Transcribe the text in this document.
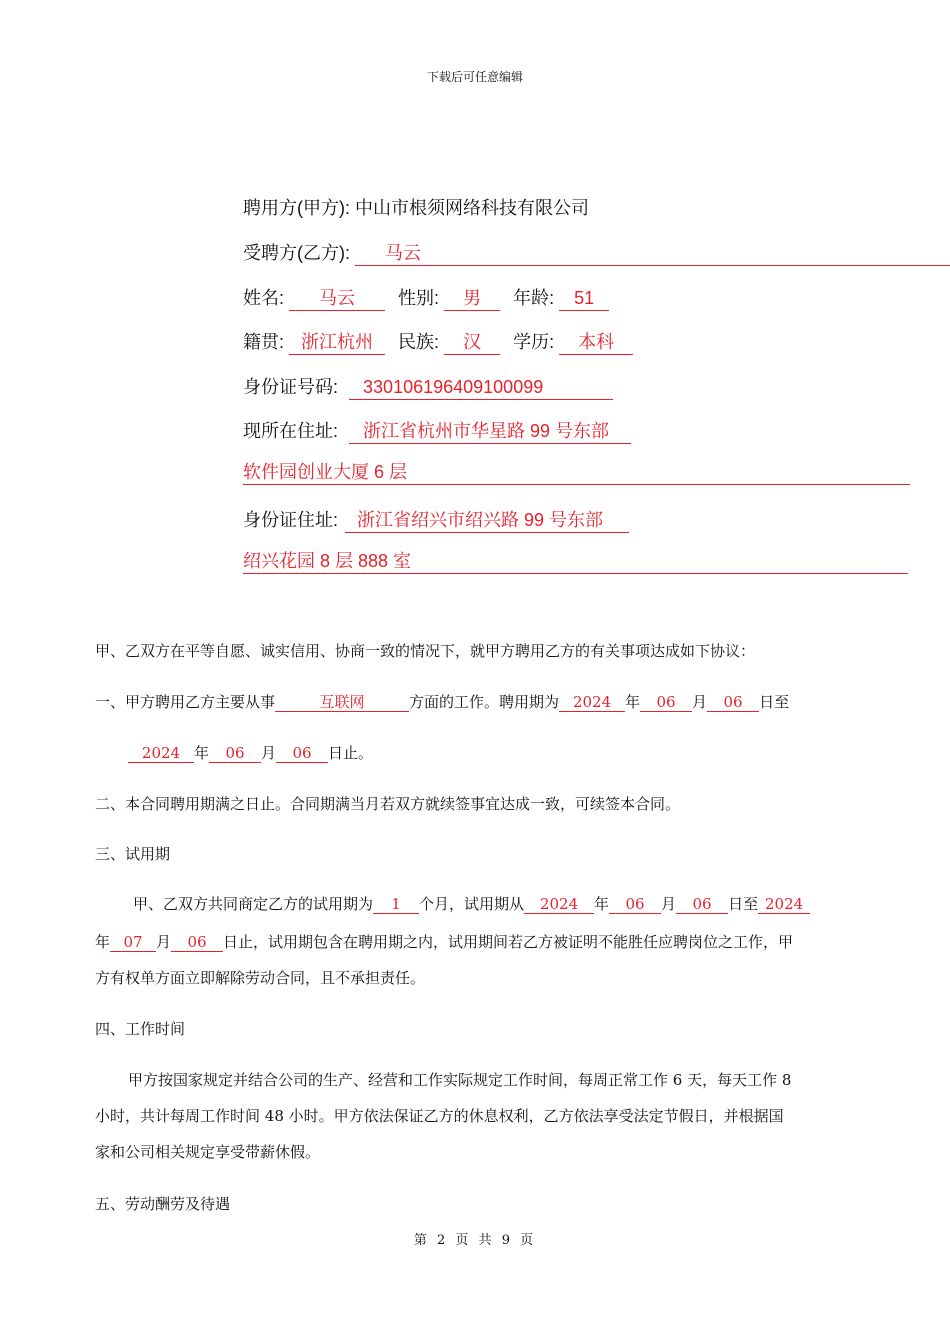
下载后可任意编辑
聘用方(甲方): 中山市根须网络科技有限公司
受聘方(乙方): 马云
姓名: 马云 性别: 男 年龄: 51
籍贯: 浙江杭州 民族: 汉 学历: 本科
身份证号码: 330106196409100099
现所在住址: 浙江省杭州市华星路 99 号东部
软件园创业大厦 6 层
身份证住址: 浙江省绍兴市绍兴路 99 号东部
绍兴花园 8 层 888 室
甲、乙双方在平等自愿、诚实信用、协商一致的情况下，就甲方聘用乙方的有关事项达成如下协议：
一、甲方聘用乙方主要从事	互联网	方面的工作。聘用期为 2024 年 06 月 06 日至
2024 年 06 月 06 日止。
二、本合同聘用期满之日止。合同期满当月若双方就续签事宜达成一致，可续签本合同。
三、试用期
甲、乙双方共同商定乙方的试用期为 1 个月，试用期从 2024 年 06 月 06 日至 2024
年 07 月 06 日止，试用期包含在聘用期之内，试用期间若乙方被证明不能胜任应聘岗位之工作，甲
方有权单方面立即解除劳动合同，且不承担责任。
四、工作时间
甲方按国家规定并结合公司的生产、经营和工作实际规定工作时间，每周正常工作 6 天，每天工作 8
小时，共计每周工作时间 48 小时。甲方依法保证乙方的休息权利，乙方依法享受法定节假日，并根据国
家和公司相关规定享受带薪休假。
五、劳动酬劳及待遇
第 2 页 共 9 页
